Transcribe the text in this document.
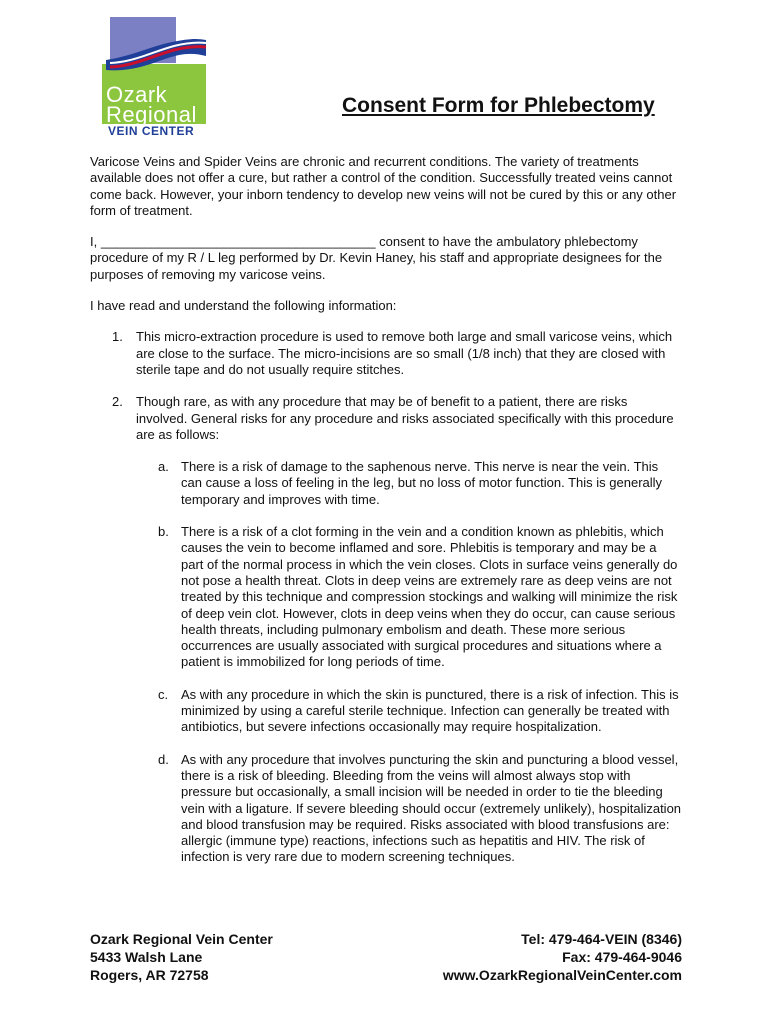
Ozark
Regional
VEIN CENTER
Consent Form for Phlebectomy

Varicose Veins and Spider Veins are chronic and recurrent conditions. The variety of treatments available does not offer a cure, but rather a control of the condition. Successfully treated veins cannot come back. However, your inborn tendency to develop new veins will not be cured by this or any other form of treatment.

I, ______________________________________ consent to have the ambulatory phlebectomy procedure of my R / L leg performed by Dr. Kevin Haney, his staff and appropriate designees for the purposes of removing my varicose veins.

I have read and understand the following information:

1. This micro-extraction procedure is used to remove both large and small varicose veins, which are close to the surface. The micro-incisions are so small (1/8 inch) that they are closed with sterile tape and do not usually require stitches.
2. Though rare, as with any procedure that may be of benefit to a patient, there are risks involved. General risks for any procedure and risks associated specifically with this procedure are as follows:
a. There is a risk of damage to the saphenous nerve. This nerve is near the vein. This can cause a loss of feeling in the leg, but no loss of motor function. This is generally temporary and improves with time.
b. There is a risk of a clot forming in the vein and a condition known as phlebitis, which causes the vein to become inflamed and sore. Phlebitis is temporary and may be a part of the normal process in which the vein closes. Clots in surface veins generally do not pose a health threat. Clots in deep veins are extremely rare as deep veins are not treated by this technique and compression stockings and walking will minimize the risk of deep vein clot. However, clots in deep veins when they do occur, can cause serious health threats, including pulmonary embolism and death. These more serious occurrences are usually associated with surgical procedures and situations where a patient is immobilized for long periods of time.
c. As with any procedure in which the skin is punctured, there is a risk of infection. This is minimized by using a careful sterile technique. Infection can generally be treated with antibiotics, but severe infections occasionally may require hospitalization.
d. As with any procedure that involves puncturing the skin and puncturing a blood vessel, there is a risk of bleeding. Bleeding from the veins will almost always stop with pressure but occasionally, a small incision will be needed in order to tie the bleeding vein with a ligature. If severe bleeding should occur (extremely unlikely), hospitalization and blood transfusion may be required. Risks associated with blood transfusions are: allergic (immune type) reactions, infections such as hepatitis and HIV. The risk of infection is very rare due to modern screening techniques.
Ozark Regional Vein Center
5433 Walsh Lane
Rogers, AR 72758
Tel: 479-464-VEIN (8346)
Fax: 479-464-9046
www.OzarkRegionalVeinCenter.com
